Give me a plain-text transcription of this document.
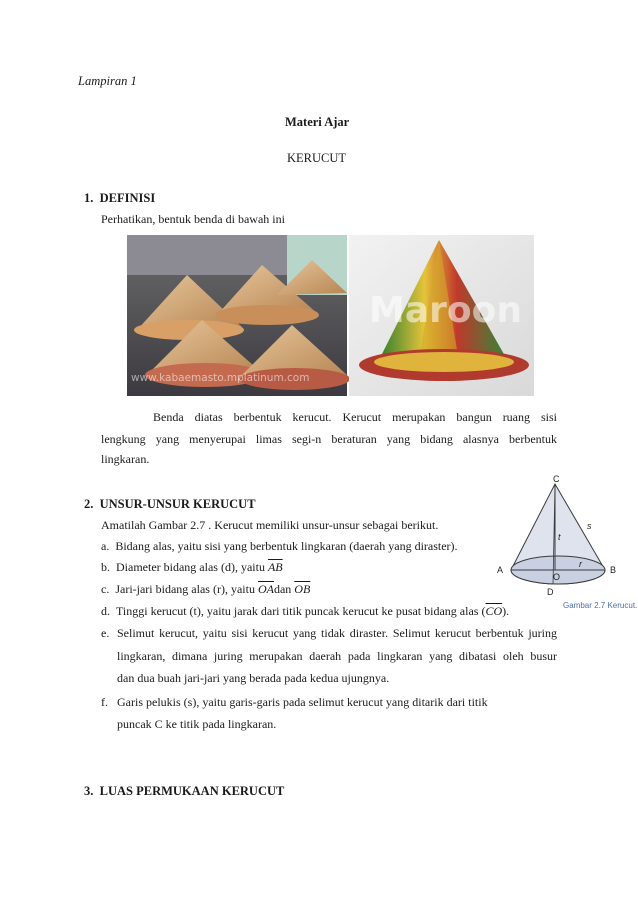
Lampiran 1
Materi Ajar
KERUCUT
1. DEFINISI
Perhatikan, bentuk benda di bawah ini
www.kabaemasto.mplatinum.com
Maroon Gift
Benda diatas berbentuk kerucut. Kerucut merupakan bangun ruang sisi
lengkung yang menyerupai limas segi-n beraturan yang bidang alasnya berbentuk
lingkaran.
2. UNSUR-UNSUR KERUCUT
Amatilah Gambar 2.7 . Kerucut memiliki unsur-unsur sebagai berikut.
a. Bidang alas, yaitu sisi yang berbentuk lingkaran (daerah yang diraster).
b. Diameter bidang alas (d), yaitu $\overline{AB}$
c. Jari-jari bidang alas (r), yaitu $\overline{OA}dan$ $\overline{OB}$
d. Tinggi kerucut (t), yaitu jarak dari titik puncak kerucut ke pusat bidang alas $(\overline{CO})$.
e. Selimut kerucut, yaitu sisi kerucut yang tidak diraster. Selimut kerucut berbentuk juring
lingkaran, dimana juring merupakan daerah pada lingkaran yang dibatasi oleh busur
dan dua buah jari-jari yang berada pada kedua ujungnya.
f. Garis pelukis (s), yaitu garis-garis pada selimut kerucut yang ditarik dari titik
puncak C ke titik pada lingkaran.
C
s
t
A
r
B
O
D
Gambar 2.7 Kerucut.
3. LUAS PERMUKAAN KERUCUT
